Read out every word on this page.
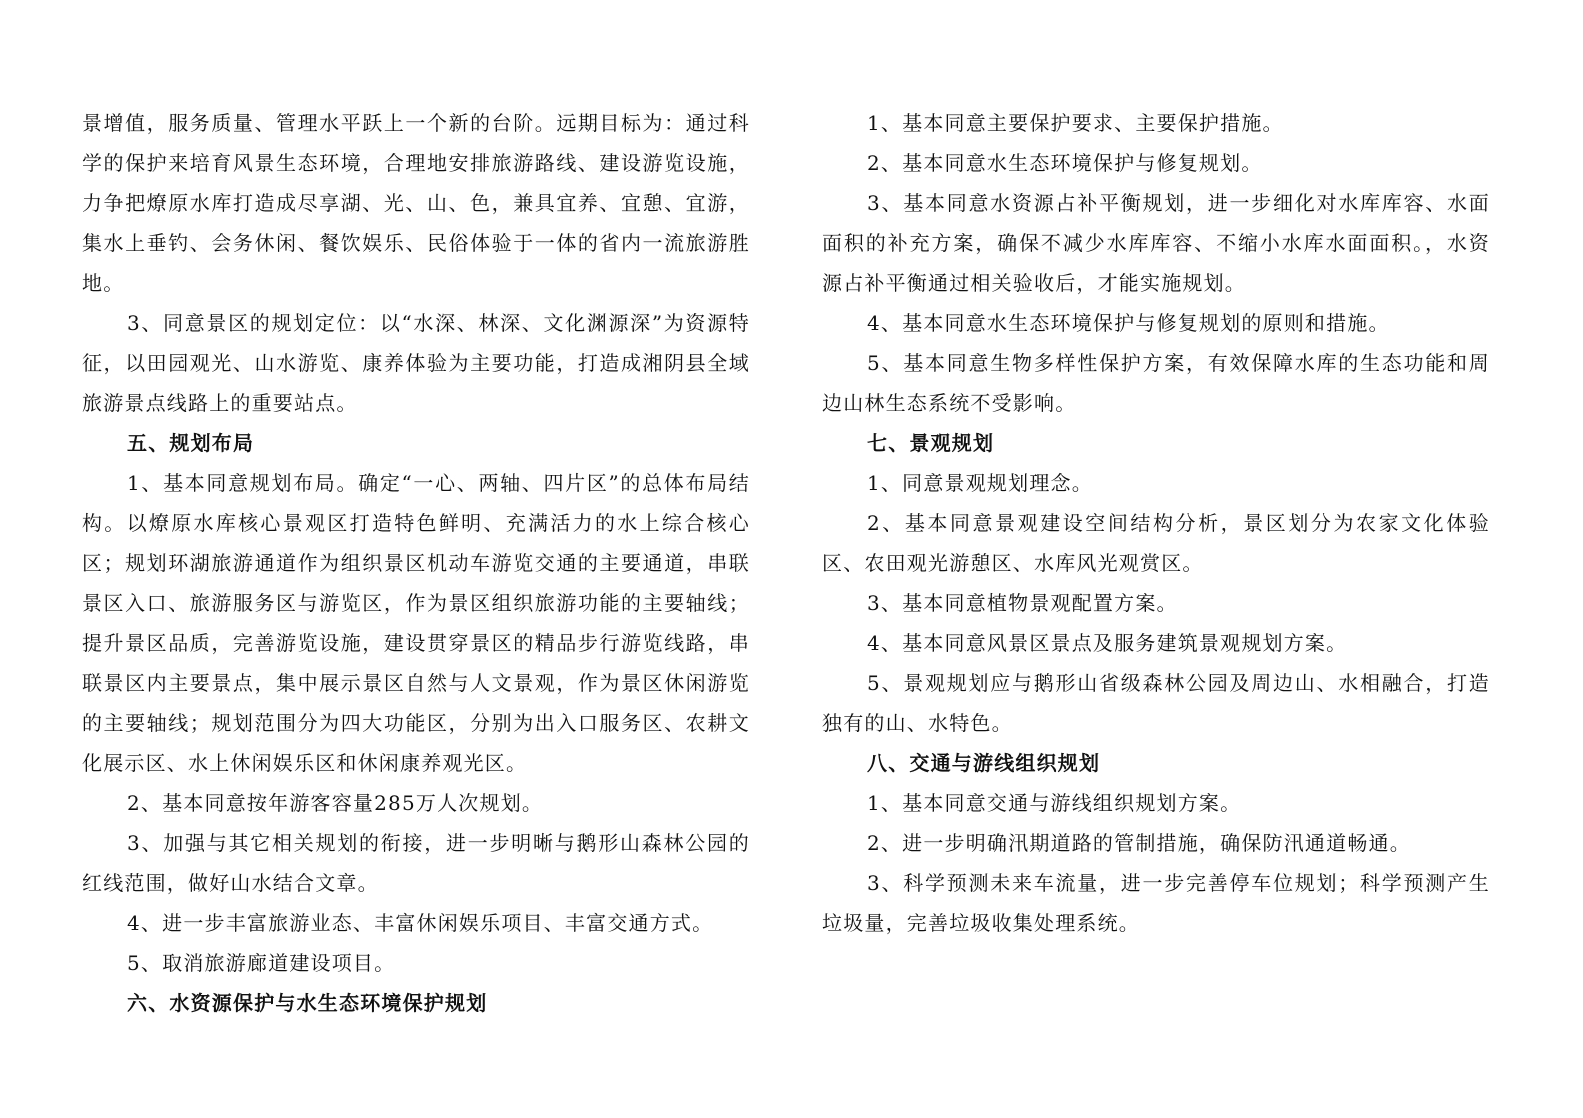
景增值，服务质量、管理水平跃上一个新的台阶。远期目标为：通过科学的保护来培育风景生态环境，合理地安排旅游路线、建设游览设施，力争把燎原水库打造成尽享湖、光、山、色，兼具宜养、宜憩、宜游，集水上垂钓、会务休闲、餐饮娱乐、民俗体验于一体的省内一流旅游胜地。

3、同意景区的规划定位：以“水深、林深、文化渊源深”为资源特征，以田园观光、山水游览、康养体验为主要功能，打造成湘阴县全域旅游景点线路上的重要站点。

五、规划布局

1、基本同意规划布局。确定“一心、两轴、四片区”的总体布局结构。以燎原水库核心景观区打造特色鲜明、充满活力的水上综合核心区；规划环湖旅游通道作为组织景区机动车游览交通的主要通道，串联景区入口、旅游服务区与游览区，作为景区组织旅游功能的主要轴线；提升景区品质，完善游览设施，建设贯穿景区的精品步行游览线路，串联景区内主要景点，集中展示景区自然与人文景观，作为景区休闲游览的主要轴线；规划范围分为四大功能区，分别为出入口服务区、农耕文化展示区、水上休闲娱乐区和休闲康养观光区。

2、基本同意按年游客容量285万人次规划。

3、加强与其它相关规划的衔接，进一步明晰与鹅形山森林公园的红线范围，做好山水结合文章。

4、进一步丰富旅游业态、丰富休闲娱乐项目、丰富交通方式。

5、取消旅游廊道建设项目。

六、水资源保护与水生态环境保护规划

1、基本同意主要保护要求、主要保护措施。

2、基本同意水生态环境保护与修复规划。

3、基本同意水资源占补平衡规划，进一步细化对水库库容、水面面积的补充方案，确保不减少水库库容、不缩小水库水面面积。，水资源占补平衡通过相关验收后，才能实施规划。

4、基本同意水生态环境保护与修复规划的原则和措施。

5、基本同意生物多样性保护方案，有效保障水库的生态功能和周边山林生态系统不受影响。

七、景观规划

1、同意景观规划理念。

2、基本同意景观建设空间结构分析，景区划分为农家文化体验区、农田观光游憩区、水库风光观赏区。

3、基本同意植物景观配置方案。

4、基本同意风景区景点及服务建筑景观规划方案。

5、景观规划应与鹅形山省级森林公园及周边山、水相融合，打造独有的山、水特色。

八、交通与游线组织规划

1、基本同意交通与游线组织规划方案。

2、进一步明确汛期道路的管制措施，确保防汛通道畅通。

3、科学预测未来车流量，进一步完善停车位规划；科学预测产生垃圾量，完善垃圾收集处理系统。
